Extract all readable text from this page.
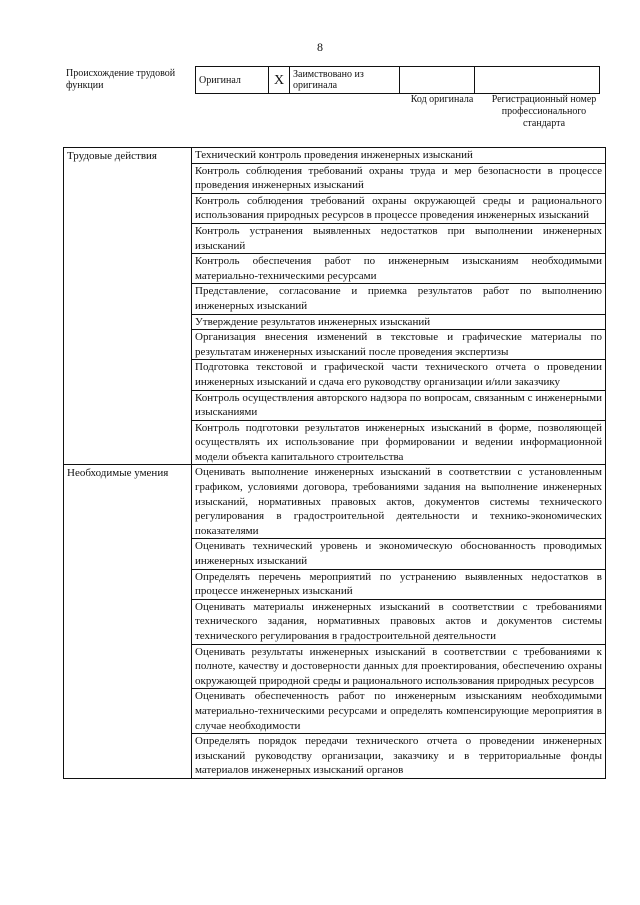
8
Происхождение трудовой функции	Оригинал	X	Заимствовано из оригинала		
Код оригинала	Регистрационный номер профессионального стандарта
Трудовые действия	Технический контроль проведения инженерных изысканий
	Контроль соблюдения требований охраны труда и мер безопасности в процессе проведения инженерных изысканий
	Контроль соблюдения требований охраны окружающей среды и рационального использования природных ресурсов в процессе проведения инженерных изысканий
	Контроль устранения выявленных недостатков при выполнении инженерных изысканий
	Контроль обеспечения работ по инженерным изысканиям необходимыми материально-техническими ресурсами
	Представление, согласование и приемка результатов работ по выполнению инженерных изысканий
	Утверждение результатов инженерных изысканий
	Организация внесения изменений в текстовые и графические материалы по результатам инженерных изысканий после проведения экспертизы
	Подготовка текстовой и графической части технического отчета о проведении инженерных изысканий и сдача его руководству организации и/или заказчику
	Контроль осуществления авторского надзора по вопросам, связанным с инженерными изысканиями
	Контроль подготовки результатов инженерных изысканий в форме, позволяющей осуществлять их использование при формировании и ведении информационной модели объекта капитального строительства
Необходимые умения	Оценивать выполнение инженерных изысканий в соответствии с установленным графиком, условиями договора, требованиями задания на выполнение инженерных изысканий, нормативных правовых актов, документов системы технического регулирования в градостроительной деятельности и технико-экономических показателями
	Оценивать технический уровень и экономическую обоснованность проводимых инженерных изысканий
	Определять перечень мероприятий по устранению выявленных недостатков в процессе инженерных изысканий
	Оценивать материалы инженерных изысканий в соответствии с требованиями технического задания, нормативных правовых актов и документов системы технического регулирования в градостроительной деятельности
	Оценивать результаты инженерных изысканий в соответствии с требованиями к полноте, качеству и достоверности данных для проектирования, обеспечению охраны окружающей природной среды и рационального использования природных ресурсов
	Оценивать обеспеченность работ по инженерным изысканиям необходимыми материально-техническими ресурсами и определять компенсирующие мероприятия в случае необходимости
	Определять порядок передачи технического отчета о проведении инженерных изысканий руководству организации, заказчику и в территориальные фонды материалов инженерных изысканий органов
